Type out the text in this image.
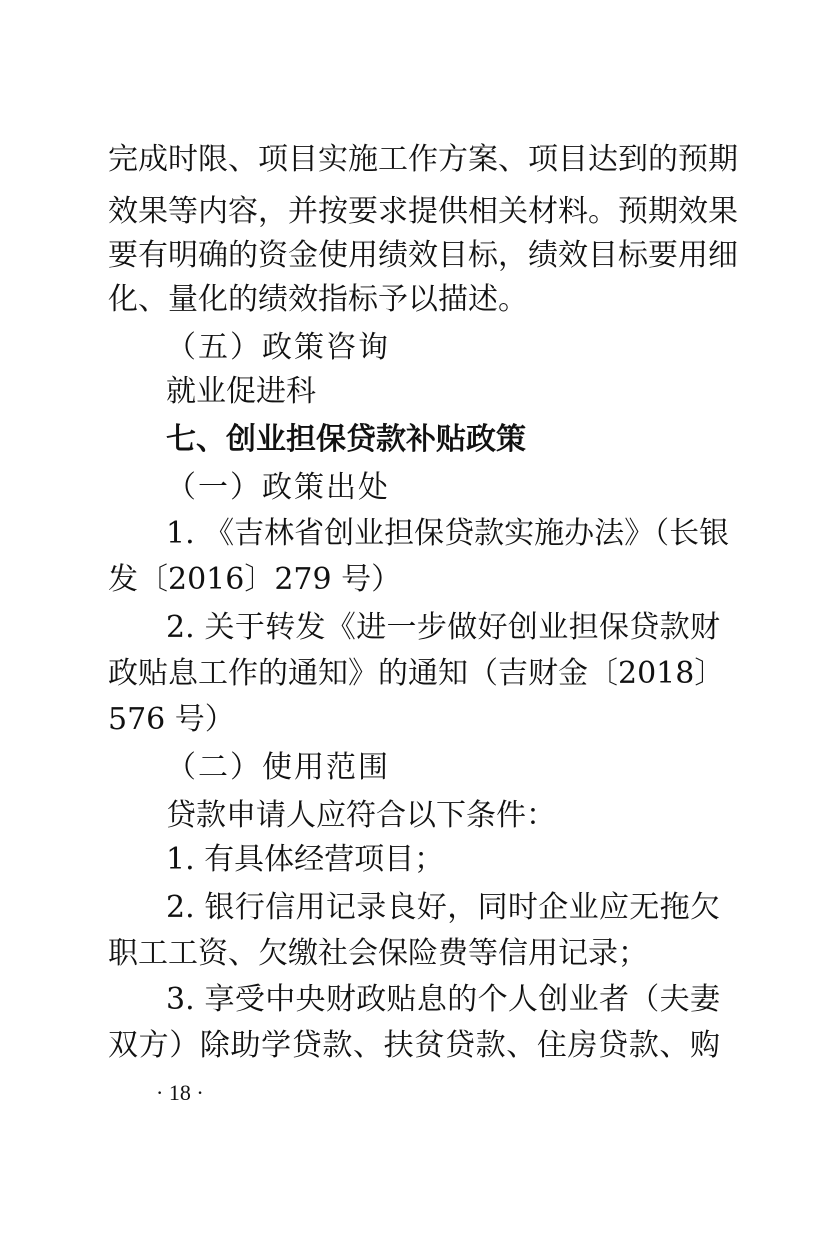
完成时限、项目实施工作方案、项目达到的预期
效果等内容，并按要求提供相关材料。预期效果
要有明确的资金使用绩效目标，绩效目标要用细
化、量化的绩效指标予以描述。
（五）政策咨询
就业促进科
七、创业担保贷款补贴政策
（一）政策出处
1. 《吉林省创业担保贷款实施办法》（长银
发〔2016〕279 号）
2. 关于转发《进一步做好创业担保贷款财
政贴息工作的通知》的通知（吉财金〔2018〕
576 号）
（二）使用范围
贷款申请人应符合以下条件：
1. 有具体经营项目；
2. 银行信用记录良好，同时企业应无拖欠
职工工资、欠缴社会保险费等信用记录；
3. 享受中央财政贴息的个人创业者（夫妻
双方）除助学贷款、扶贫贷款、住房贷款、购
· 18 ·
